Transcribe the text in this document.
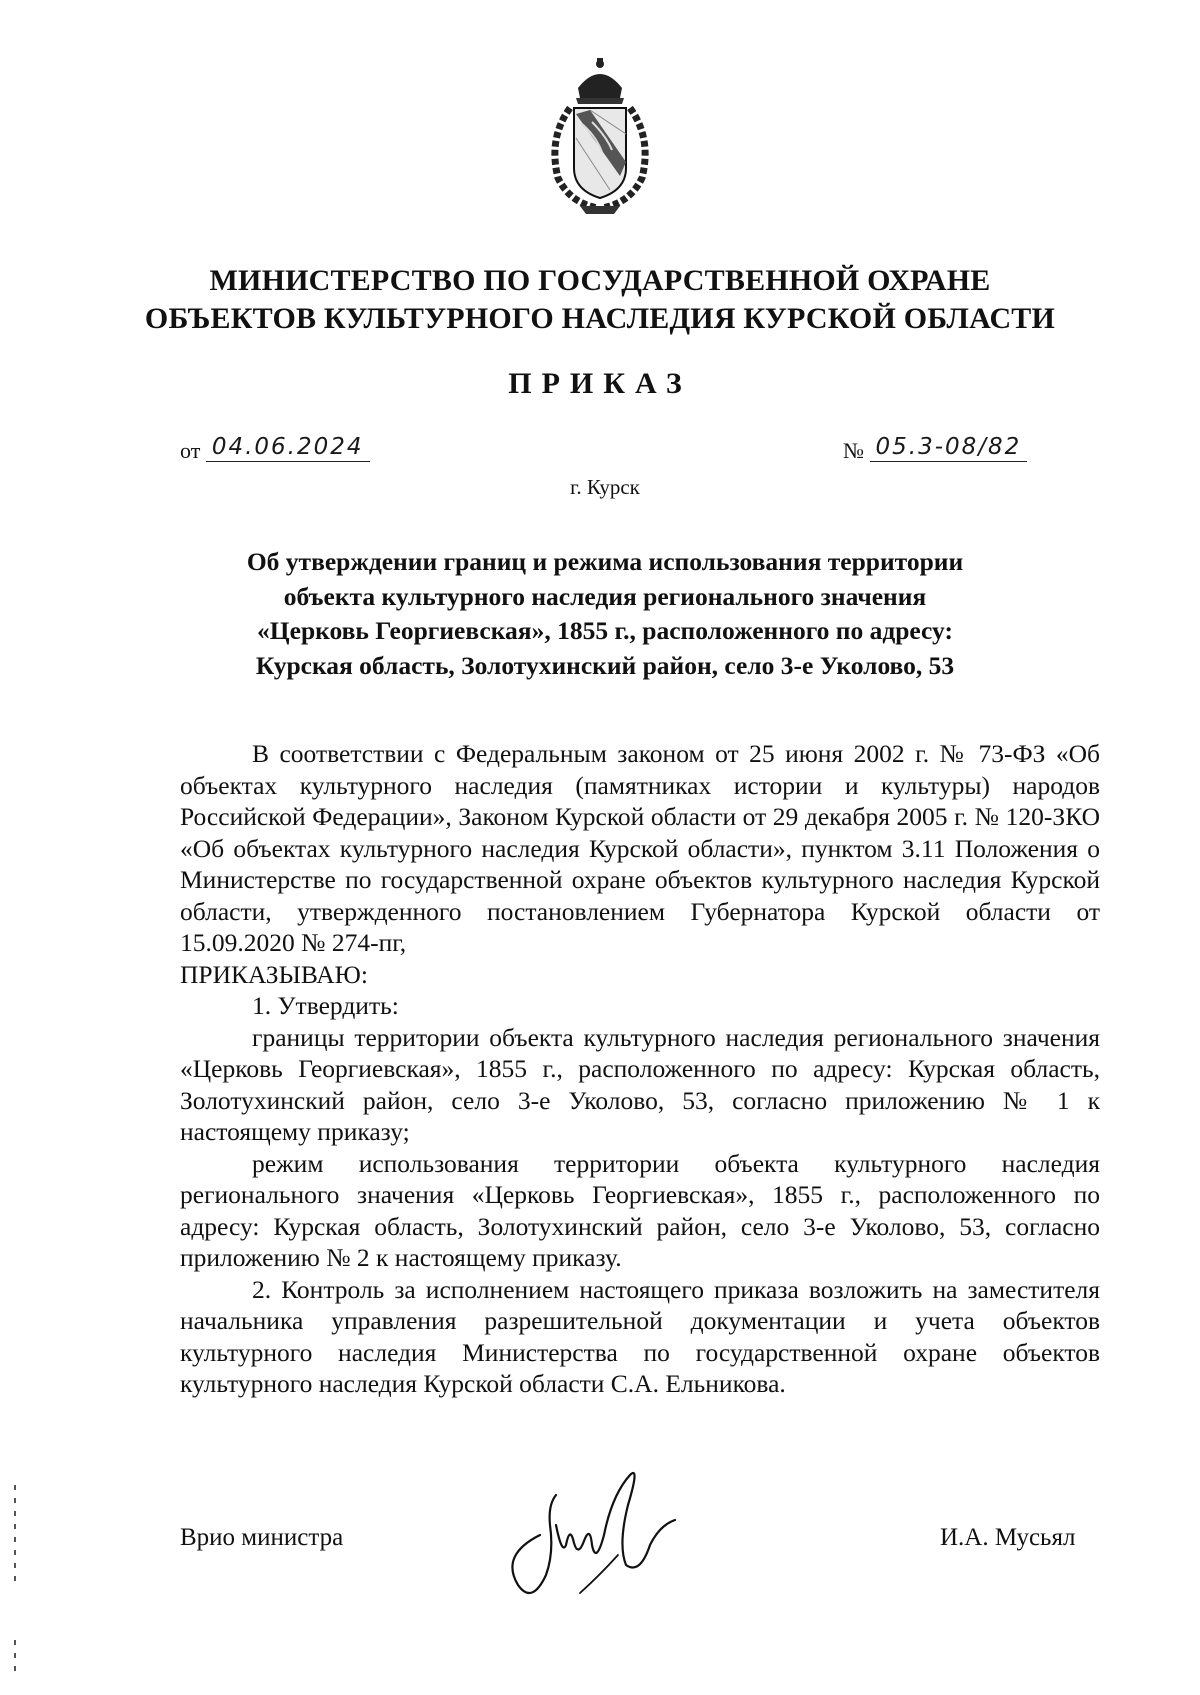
МИНИСТЕРСТВО ПО ГОСУДАРСТВЕННОЙ ОХРАНЕ
ОБЪЕКТОВ КУЛЬТУРНОГО НАСЛЕДИЯ КУРСКОЙ ОБЛАСТИ
ПРИКАЗ
от 04.06.2024	№ 05.3-08/82
г. Курск
Об утверждении границ и режима использования территории
объекта культурного наследия регионального значения
«Церковь Георгиевская», 1855 г., расположенного по адресу:
Курская область, Золотухинский район, село 3-е Уколово, 53

В соответствии с Федеральным законом от 25 июня 2002 г. № 73-ФЗ «Об объектах культурного наследия (памятниках истории и культуры) народов Российской Федерации», Законом Курской области от 29 декабря 2005 г. № 120-ЗКО «Об объектах культурного наследия Курской области», пунктом 3.11 Положения о Министерстве по государственной охране объектов культурного наследия Курской области, утвержденного постановлением Губернатора Курской области от 15.09.2020 № 274-пг,

ПРИКАЗЫВАЮ:

1. Утвердить:

границы территории объекта культурного наследия регионального значения «Церковь Георгиевская», 1855 г., расположенного по адресу: Курская область, Золотухинский район, село 3-е Уколово, 53, согласно приложению № 1 к настоящему приказу;

режим использования территории объекта культурного наследия регионального значения «Церковь Георгиевская», 1855 г., расположенного по адресу: Курская область, Золотухинский район, село 3-е Уколово, 53, согласно приложению № 2 к настоящему приказу.

2. Контроль за исполнением настоящего приказа возложить на заместителя начальника управления разрешительной документации и учета объектов культурного наследия Министерства по государственной охране объектов культурного наследия Курской области С.А. Ельникова.

Врио министра	И.А. Мусьял
